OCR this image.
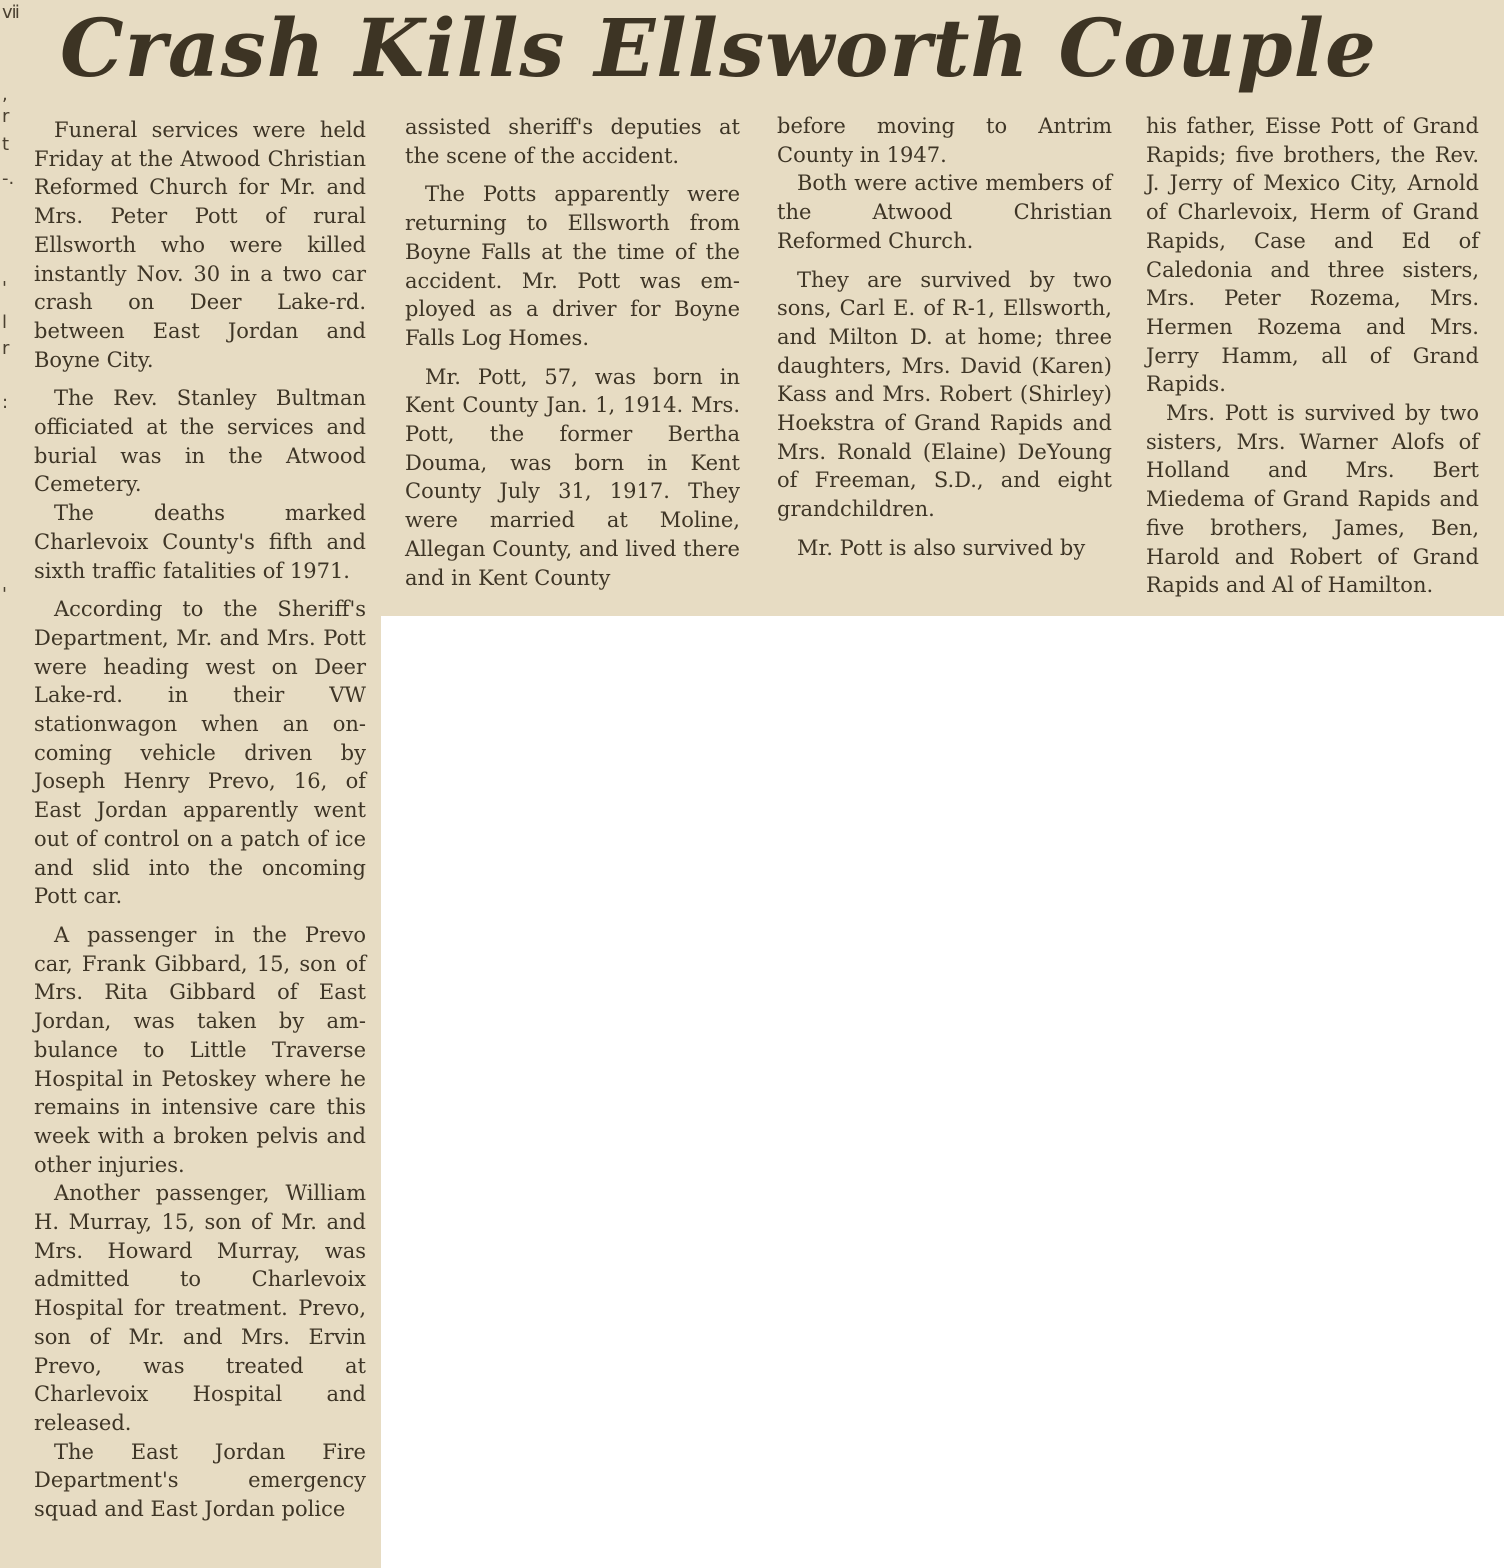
ⅶ
,
r
t
-.
'
l
r
:
'
Crash Kills Ellsworth Couple

Funeral services were held Friday at the Atwood Christian Reformed Church for Mr. and Mrs. Peter Pott of rural Ellsworth who were killed instantly Nov. 30 in a two car crash on Deer Lake-rd. between East Jordan and Boyne City.

The Rev. Stanley Bultman officiated at the services and burial was in the Atwood Cemetery.

The deaths marked Charlevoix County's fifth and sixth traffic fatalities of 1971.

According to the Sheriff's Department, Mr. and Mrs. Pott were heading west on Deer Lake-rd. in their VW stationwagon when an on-coming vehicle driven by Joseph Henry Prevo, 16, of East Jordan apparently went out of control on a patch of ice and slid into the oncoming Pott car.

A passenger in the Prevo car, Frank Gibbard, 15, son of Mrs. Rita Gibbard of East Jordan, was taken by am-bulance to Little Traverse Hospital in Petoskey where he remains in intensive care this week with a broken pelvis and other injuries.

Another passenger, William H. Murray, 15, son of Mr. and Mrs. Howard Murray, was admitted to Charlevoix Hospital for treatment. Prevo, son of Mr. and Mrs. Ervin Prevo, was treated at Charlevoix Hospital and released.

The East Jordan Fire Department's emergency squad and East Jordan police

assisted sheriff's deputies at the scene of the accident.

The Potts apparently were returning to Ellsworth from Boyne Falls at the time of the accident. Mr. Pott was em-ployed as a driver for Boyne Falls Log Homes.

Mr. Pott, 57, was born in Kent County Jan. 1, 1914. Mrs. Pott, the former Bertha Douma, was born in Kent County July 31, 1917. They were married at Moline, Allegan County, and lived there and in Kent County

before moving to Antrim County in 1947.

Both were active members of the Atwood Christian Reformed Church.

They are survived by two sons, Carl E. of R-1, Ellsworth, and Milton D. at home; three daughters, Mrs. David (Karen) Kass and Mrs. Robert (Shirley) Hoekstra of Grand Rapids and Mrs. Ronald (Elaine) DeYoung of Freeman, S.D., and eight grandchildren.

Mr. Pott is also survived by

his father, Eisse Pott of Grand Rapids; five brothers, the Rev. J. Jerry of Mexico City, Arnold of Charlevoix, Herm of Grand Rapids, Case and Ed of Caledonia and three sisters, Mrs. Peter Rozema, Mrs. Hermen Rozema and Mrs. Jerry Hamm, all of Grand Rapids.

Mrs. Pott is survived by two sisters, Mrs. Warner Alofs of Holland and Mrs. Bert Miedema of Grand Rapids and five brothers, James, Ben, Harold and Robert of Grand Rapids and Al of Hamilton.
